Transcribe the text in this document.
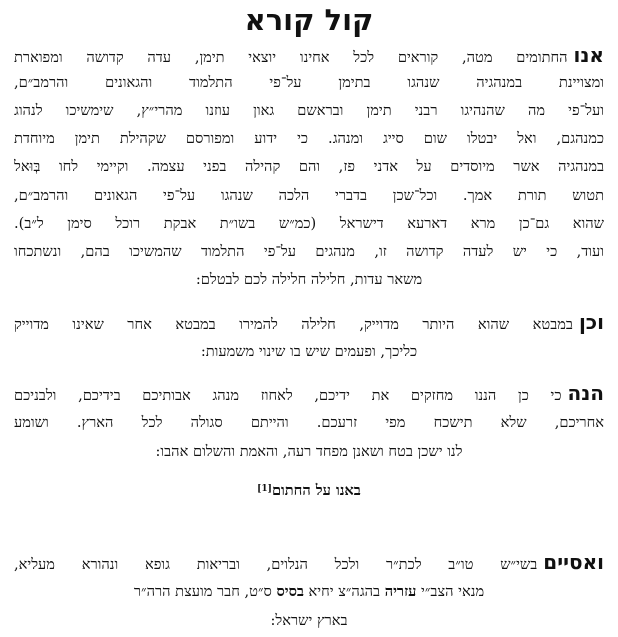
קול קורא
אנוהחתומים מטה, קוראים לכל אחינו יוצאי תימן, עדה קדושה ומפוארת
ומצויינת במנהגיה שנהגו בתימן על־פי התלמוד והגאונים והרמב״ם,
ועל־פי מה שהנהיגו רבני תימן ובראשם גאון עוזנו מהרי״ץ, שימשיכו לנהוג
כמנהגם, ואל יבטלו שום סייג ומנהג. כי ידוע ומפורסם שקהילת תימן מיוחדת
במנהגיה אשר מיוסדים על אדני פז, והם קהילה בפני עצמה. וקיימי לחו בְּוּאל
תטוש תורת אמך. וכל־שכן בדברי הלכה שנהגו על־פי הגאונים והרמב״ם,
שהוא גם־כן מרא דארעא דישראל (כמ״ש בשו״ת אבקת רוכל סימן ל״ב).
ועוד, כי יש לעדה קדושה זו, מנהגים על־פי התלמוד שהמשיכו בהם, ונשתכחו
משאר עדות, חלילה חלילה לכם לבטלם:
וכןבמבטא שהוא היותר מדוייק, חלילה להמירו במבטא אחר שאינו מדוייק
כליכך, ופעמים שיש בו שינוי משמעות:
הנהכי כן הננו מחזקים את ידיכם, לאחוז מנהג אבותיכם בידיכם, ולבניכם
אחריכם, שלא תישכח מפי זרעכם. והייתם סגולה לכל הארץ. ושומע
לנו ישכן בטח ושאנן מפחד רעה, והאמת והשלום אהבו:
באנו על החתום[1]
ואסייםבשי״ש טו״ב לכת״ר ולכל הנלוים, ובריאות גופא ונהורא מעליא,
מנאי הצב״י עזריה בהגה״צ יחיא בסיס ס״ט, חבר מועצת הרה״ר
בארץ ישראל:
